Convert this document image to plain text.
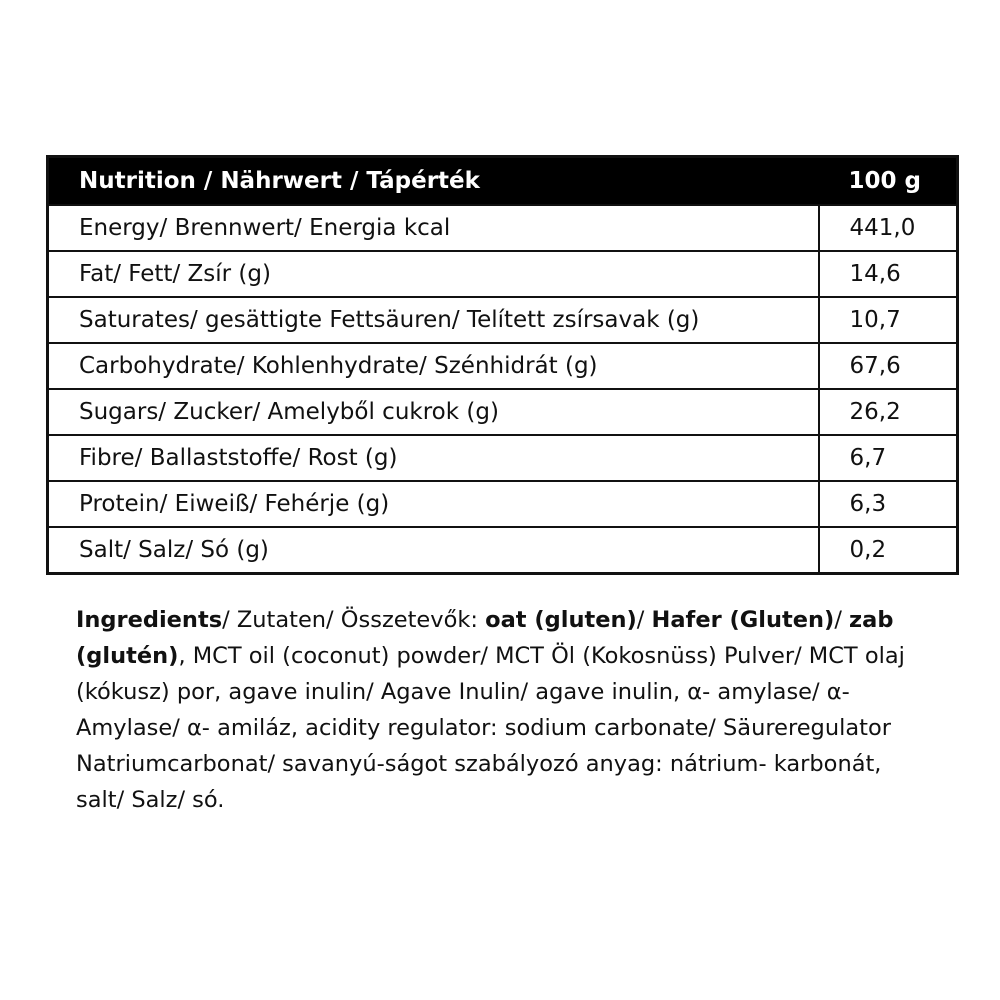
Nutrition / Nährwert / Tápérték	100 g
Energy/ Brennwert/ Energia kcal	441,0
Fat/ Fett/ Zsír (g)	14,6
Saturates/ gesättigte Fettsäuren/ Telített zsírsavak (g)	10,7
Carbohydrate/ Kohlenhydrate/ Szénhidrát (g)	67,6
Sugars/ Zucker/ Amelyből cukrok (g)	26,2
Fibre/ Ballaststoffe/ Rost (g)	6,7
Protein/ Eiweiß/ Fehérje (g)	6,3
Salt/ Salz/ Só (g)	0,2

Ingredients/ Zutaten/ Összetevők: oat (gluten)/ Hafer (Gluten)/ zab (glutén), MCT oil (coconut) powder/ MCT Öl (Kokosnüss) Pulver/ MCT olaj (kókusz) por, agave inulin/ Agave Inulin/ agave inulin, α- amylase/ α- Amylase/ α- amiláz, acidity regulator: sodium carbonate/ Säureregulator Natriumcarbonat/ savanyú-ságot szabályozó anyag: nátrium- karbonát, salt/ Salz/ só.
